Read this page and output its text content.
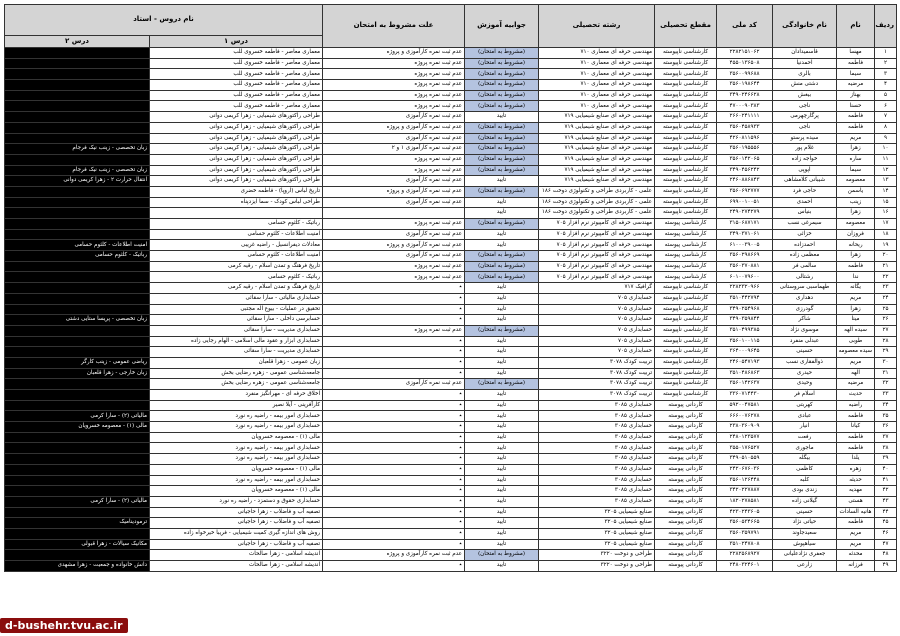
ردیف	نام	نام خانوادگی	کد ملی	مقطع تحصیلی	رشته تحصیلی	جوابیه آموزش	علت مشروط به امتحان	نام دروس - استاد	
								درس ۱	درس ۲
۱	مهسا	قاسمیدادان	۲۲۸۲۱۵۱۰۶۲	کارشناسی ناپیوسته	مهندسی حرفه ای معماری ۷۱۰	(مشروط به امتحان)	عدم ثبت نمره کارآموزی و پروژه	معماری معاصر - فاطمه خسروی للب	
۲	فاطمه	احمدنیا	۴۵۵۰۱۳۶۵۰۸	کارشناسی ناپیوسته	مهندسی حرفه ای معماری ۷۱۰	(مشروط به امتحان)	عدم ثبت نمره پروژه	معماری معاصر - فاطمه خسروی للب	
۳	سیما	بالری	۳۵۶۰۰۹۹۶۸۸	کارشناسی ناپیوسته	مهندسی حرفه ای معماری ۷۱۰	(مشروط به امتحان)	عدم ثبت نمره پروژه	معماری معاصر - فاطمه خسروی للب	
۴	مرضیه	دشتی منش	۳۵۶۰۱۹۸۶۴۴	کارشناسی ناپیوسته	مهندسی حرفه ای معماری ۷۱۰	(مشروط به امتحان)	عدم ثبت نمره پروژه	معماری معاصر - فاطمه خسروی للب	
۵	بهناز	بیغش	۳۴۹۰۲۴۶۶۲۸	کارشناسی ناپیوسته	مهندسی حرفه ای معماری ۷۱۰	(مشروط به امتحان)	عدم ثبت نمره پروژه	معماری معاصر - فاطمه خسروی للب	
۶	حسنا	ناجی	۴۷۰۰۰۹۰۳۸۳	کارشناسی ناپیوسته	مهندسی حرفه ای معماری ۷۱۰	(مشروط به امتحان)	عدم ثبت نمره پروژه	معماری معاصر - فاطمه خسروی للب	
۷	فاطمه	پرگارچهرمی	۲۶۶۰۲۴۱۱۱۱	کارشناسی ناپیوسته	مهندسی حرفه ای صنایع شیمیایی ۷۱۹	تایید	عدم ثبت نمره کارآموزی	طراحی راکتورهای شیمیایی - زهرا کریمی دوانی	
۸	فاطمه	ناجی	۳۵۶۰۴۵۸۹۳۳	کارشناسی ناپیوسته	مهندسی حرفه ای صنایع شیمیایی ۷۱۹	(مشروط به امتحان)	عدم ثبت نمره کارآموزی و پروژه	طراحی راکتورهای شیمیایی - زهرا کریمی دوانی	
۹	مریم	سیده پرستو	۴۲۶۰۸۱۱۵۹۶	کارشناسی ناپیوسته	مهندسی حرفه ای صنایع شیمیایی ۷۱۹	(مشروط به امتحان)	عدم ثبت نمره کارآموزی	طراحی راکتورهای شیمیایی - زهرا کریمی دوانی	
۱۰	زهرا	غلام پور	۳۵۶۰۱۹۵۵۵۶	کارشناسی ناپیوسته	مهندسی حرفه ای صنایع شیمیایی ۷۱۹	(مشروط به امتحان)	عدم ثبت نمره کارآموزی ۱ و ۲	طراحی راکتورهای شیمیایی - زهرا کریمی دوانی	زبان تخصصی - زینب نیک فرجام
۱۱	ساره	خواجه زاده	۳۵۶۰۱۴۲۰۶۵	کارشناسی ناپیوسته	مهندسی حرفه ای صنایع شیمیایی ۷۱۹	(مشروط به امتحان)	عدم ثبت نمره پروژه	طراحی راکتورهای شیمیایی - زهرا کریمی دوانی	
۱۲	سیما	اپوپی	۳۴۹۰۴۵۶۲۴۲	کارشناسی ناپیوسته	مهندسی حرفه ای صنایع شیمیایی ۷۱۹	(مشروط به امتحان)	عدم ثبت نمره پروژه	طراحی راکتورهای شیمیایی - زهرا کریمی دوانی	زبان تخصصی - زینب نیک فرجام
۱۳	معصومه	شیبانی کلامشاهی	۲۴۶۰۸۸۶۸۴۳	کارشناسی ناپیوسته	مهندسی حرفه ای صنایع شیمیایی ۷۱۹	تایید	عدم ثبت نمره کارآموزی	طراحی راکتورهای شیمیایی - زهرا کریمی دوانی	انتقال حرارت ۲ - زهرا کریمی دوانی
۱۴	یاسمن	حاجی فرد	۳۵۶۰۶۹۲۷۷۷	کارشناسی ناپیوسته	علمی - کاربردی طراحی و تکنولوژی دوخت ۱۸۶	(مشروط به امتحان)	عدم ثبت نمره کارآموزی و پروژه	تاریخ لباس (اروپا) - فاطمه خضری	
۱۵	زینب	احمدی	۶۹۹۰۰۱۰۰۵۱	کارشناسی ناپیوسته	علمی - کاربردی طراحی و تکنولوژی دوخت ۱۸۶	تایید	عدم ثبت نمره کارآموزی	طراحی لباس کودک - سما ایزدپناه	
۱۶	زهرا	بنیاس	۲۴۹۰۲۷۴۲۷۹	کارشناسی ناپیوسته	علمی - کاربردی طراحی و تکنولوژی دوخت ۱۸۶	تایید			
۱۷	معصومه	سیمرغی نسب	۳۱۵۰۶۸۷۱۷۱	کارشناسی پیوسته	مهندسی حرفه ای کامپیوتر نرم افزار ۷۰۵	(مشروط به امتحان)	عدم ثبت نمره پروژه	رباتیک - کلثوم حسامی	
۱۸	فروزان	خزائی	۳۴۹۰۳۷۱۰۶۱	کارشناسی پیوسته	مهندسی حرفه ای کامپیوتر نرم افزار ۷۰۵	تایید	عدم ثبت نمره کارآموزی	امنیت اطلاعات - کلثوم حسامی	
۱۹	ریحانه	احمدزاده	۶۱۰۰۰۳۹۰۰۵	کارشناسی پیوسته	مهندسی حرفه ای کامپیوتر نرم افزار ۷۰۵	تایید	عدم ثبت نمره کارآموزی و پروژه	معادلات دیفرانسیل - راضیه غریبی	امنیت اطلاعات - کلثوم حسامی
۲۰	زهرا	معظمی زاده	۳۵۶۰۲۹۸۶۶۹	کارشناسی پیوسته	مهندسی حرفه ای کامپیوتر نرم افزار ۷۰۵	(مشروط به امتحان)	عدم ثبت نمره کارآموزی	امنیت اطلاعات - کلثوم حسامی	رباتیک - کلثوم حسامی
۲۱	فاطمه	سالمی فر	۳۵۶۰۳۷۰۸۸۱	کارشناسی پیوسته	مهندسی حرفه ای کامپیوتر نرم افزار ۷۰۵	(مشروط به امتحان)	عدم ثبت نمره پروژه	تاریخ فرهنگ و تمدن اسلام - رقیه کرمی	
۲۲	ندا	رشتالی	۶۰۱۰۰۷۹۶۰۰	کارشناسی پیوسته	مهندسی حرفه ای کامپیوتر نرم افزار ۷۰۵	(مشروط به امتحان)	عدم ثبت نمره پروژه	رباتیک - کلثوم حسامی	
۲۳	یگانه	طهماسبی سروستانی	۲۲۸۲۳۲۰۹۶۶	کارشناسی ناپیوسته	گرافیک ۷۱۷	تایید	٭	تاریخ فرهنگ و تمدن اسلام - رقیه کرمی	
۲۴	مریم	دهداری	۳۵۱۰۴۴۲۷۹۴	کارشناسی ناپیوسته	حسابداری ۷۰۵	تایید	٭	حسابداری مالیاتی - سارا سقائی	
۲۵	زهرا	گودرزی	۳۴۹۰۲۵۴۹۶۸	کارشناسی ناپیوسته	حسابداری ۷۰۵	تایید	٭	تحقیق در عملیات - بیوع اله مجتبی	
۲۶	مینا	شاکر	۳۴۹۰۳۵۹۸۴۴	کارشناسی ناپیوسته	حسابداری ۷۰۵	تایید	٭	حسابرسی داخلی - سارا سقائی	زبان تخصصی - پریسا ستایی دشتی
۲۷	سیده الهه	موسوی نژاد	۳۵۱۰۴۹۹۳۸۵	کارشناسی ناپیوسته	حسابداری ۷۰۵	(مشروط به امتحان)	عدم ثبت نمره پروژه	حسابداری مدیریت - سارا سقائی	
۲۸	طوبی	عبدلی منفرد	۳۵۶۰۱۰۰۱۱۵	کارشناسی ناپیوسته	حسابداری ۷۰۵	تایید	٭	حسابداری ابزار و عقود مالی اسلامی - الهام رجایی زاده	
۲۹	سیده معصومه	حسینی	۳۶۴۰۰۰۹۶۴۵	کارشناسی ناپیوسته	حسابداری ۷۰۵	تایید	٭	حسابداری مدیریت - سارا سقائی	
۳۰	مریم	ذوالفقاری نسب	۲۴۶۰۵۴۷۱۹۳	کارشناسی ناپیوسته	تربیت کودک ۳۰۷۸	تایید	٭	زبان عمومی - زهرا قلعبان	ریاضی عمومی - زینب کارگر
۳۱	الهه	حیدری	۳۵۱۰۴۸۶۸۶۳	کارشناسی ناپیوسته	تربیت کودک ۳۰۷۸	تایید	٭	جامعه‌شناسی عمومی - زهره رضایی بخش	زبان خارجی - زهرا قلعبان
۳۲	مرضیه	وحیدی	۳۵۶۰۱۴۲۶۳۷	کارشناسی ناپیوسته	تربیت کودک ۳۰۷۸	(مشروط به امتحان)	عدم ثبت نمره کارآموزی	جامعه‌شناسی عمومی - زهره رضایی بخش	
۳۳	حدیث	اسلام فر	۳۳۶۰۷۱۴۴۳۰	کارشناسی ناپیوسته	تربیت کودک ۳۰۷۸	تایید	٭	اخلاق حرفه ای - مهرانگیز منفرد	
۳۴	راضیه	کهربتی	۵۹۲۰۰۴۷۵۸۱	کاردانی پیوسته	حسابداری ۳۰۸۵	تایید	٭	کارآفرینی - آیلا نصیر	
۳۵	فاطمه	عبادی	۶۶۶۰۰۷۶۲۷۸	کاردانی پیوسته	حسابداری ۳۰۸۵	تایید	٭	حسابداری امور بیمه - راضیه ره نورد	مالیاتی (۲) - سارا کرمی
۳۶	کیانا	انیار	۲۳۸۰۳۶۰۹۰۹	کاردانی پیوسته	حسابداری ۳۰۸۵	تایید	٭	حسابداری امور بیمه - راضیه ره نورد	مالی (۱) - معصومه خسرویان
۳۷	فاطمه	رفعت	۲۴۸۰۱۲۳۵۷۷	کاردانی پیوسته	حسابداری ۳۰۸۵	تایید	٭	مالی (۱) - معصومه خسرویان	
۳۸	فاطمه	ماجوری	۳۵۵۰۱۷۶۵۲۷	کاردانی پیوسته	حسابداری ۳۰۸۵	تایید	٭	حسابداری امور بیمه - راضیه ره نورد	
۳۹	یلدا	بیگله	۳۴۹۰۵۱۰۵۵۹	کاردانی پیوسته	حسابداری ۳۰۸۵	تایید	٭	حسابداری امور بیمه - راضیه ره نورد	
۴۰	زهره	کاظمی	۲۴۲۰۶۷۶۰۳۶	کاردانی پیوسته	حسابداری ۳۰۸۵	تایید	٭	مالی (۱) - معصومه خسرویان	
۴۱	حدیثه	کلبه	۳۵۶۰۱۲۶۴۴۸	کاردانی پیوسته	حسابداری ۳۰۸۵	تایید	٭	حسابداری امور بیمه - راضیه ره نورد	
۴۲	مهدیه	زندی بودی	۳۴۲۰۲۲۷۸۸۷	کاردانی پیوسته	حسابداری ۳۰۸۵	تایید	٭	مالی (۱) - معصومه خسرویان	
۴۳	هستی	گیلانی زاده	۱۸۲۰۲۷۸۵۸۱	کاردانی پیوسته	حسابداری ۳۰۸۵	تایید	٭	حسابداری حقوق و دستمزد - راضیه ره نورد	مالیاتی (۲) - سارا کرمی
۴۴	هانیه السادات	حسینی	۴۲۳۰۲۴۳۶۰۵	کاردانی پیوسته	صنایع شیمیایی ۳۲۰۵	تایید	٭	تصفیه آب و فاضلاب - زهرا حاجیانی	
۴۵	فاطمه	حیاتی نژاد	۳۵۶۰۵۳۴۶۶۵	کاردانی پیوسته	صنایع شیمیایی ۳۲۰۵	تایید	٭	تصفیه آب و فاضلاب - زهرا حاجیانی	ترمودینامیک
۴۶	مریم	سعیدجاوند	۳۵۶۰۳۵۹۷۹۱	کاردانی پیوسته	صنایع شیمیایی ۳۲۰۵	تایید	٭	روش های اندازه گیری کمیت شیمیایی - فریبا خیرخواه زاده	
۴۷	مریم	سیاهپوش	۳۵۱۰۲۴۷۸۰۸	کاردانی پیوسته	صنایع شیمیایی ۳۲۰۵	تایید	٭	تصفیه آب و فاضلاب - زهرا حاجیانی	مکانیک سیالات - زهرا قبولی
۴۸	محدثه	جعفری نژادعلیانی	۲۲۸۲۵۶۸۹۲۷	کاردانی پیوسته	طراحی و دوخت ۳۲۲۰	(مشروط به امتحان)	عدم ثبت نمره کارآموزی و پروژه	اندیشه اسلامی - زهرا صالحات	
۴۹	فرزانه	زارعی	۲۴۸۰۳۲۴۶۰۱	کاردانی پیوسته	طراحی و دوخت ۳۲۲۰	تایید	٭	اندیشه اسلامی - زهرا صالحات	دانش خانواده و جمعیت - زهرا مشهدی
d-bushehr.tvu.ac.ir
